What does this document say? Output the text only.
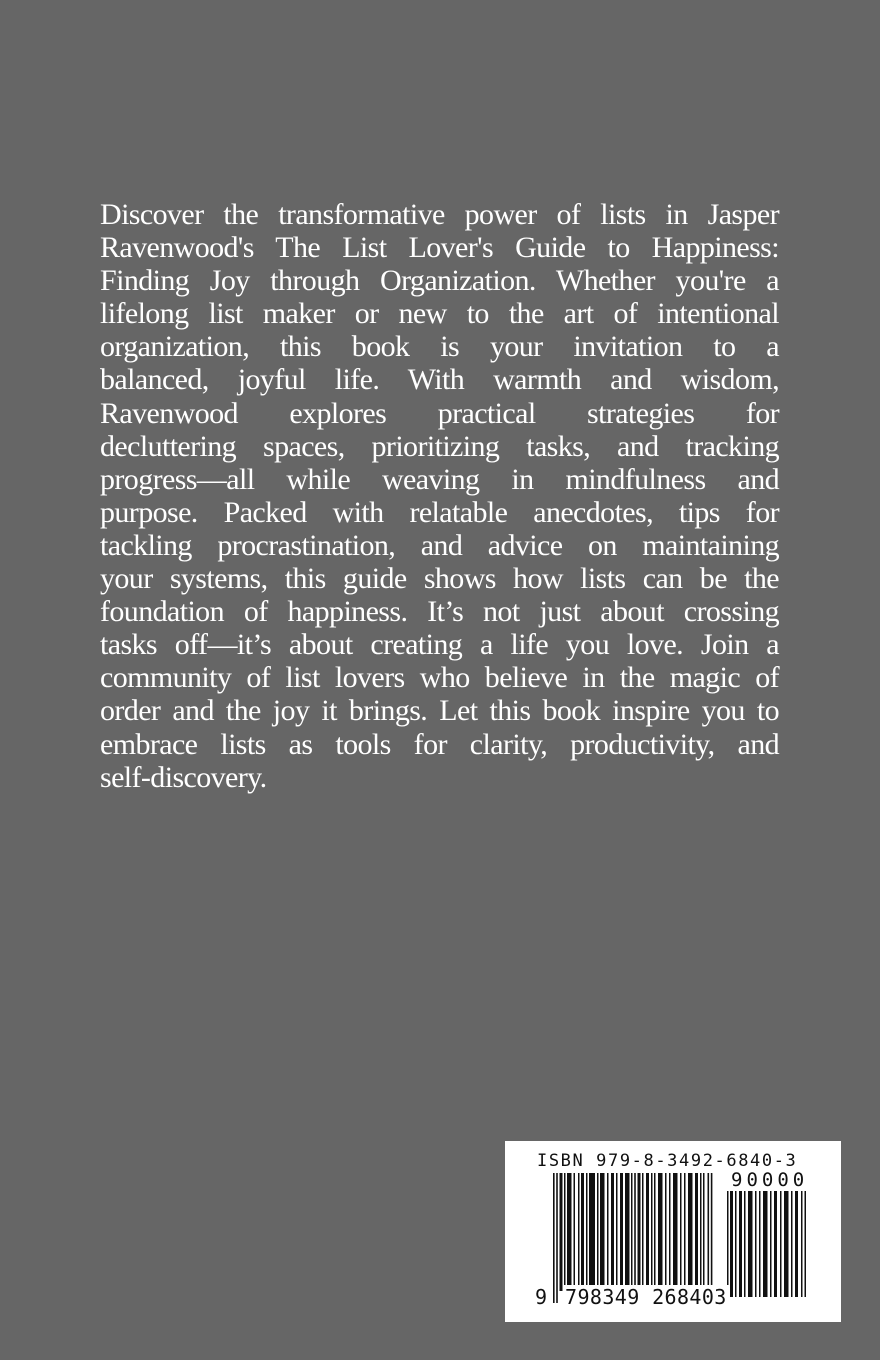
Discover the transformative power of lists in Jasper
Ravenwood's The List Lover's Guide to Happiness:
Finding Joy through Organization. Whether you're a
lifelong list maker or new to the art of intentional
organization, this book is your invitation to a
balanced, joyful life. With warmth and wisdom,
Ravenwood explores practical strategies for
decluttering spaces, prioritizing tasks, and tracking
progress—all while weaving in mindfulness and
purpose. Packed with relatable anecdotes, tips for
tackling procrastination, and advice on maintaining
your systems, this guide shows how lists can be the
foundation of happiness. It’s not just about crossing
tasks off—it’s about creating a life you love. Join a
community of list lovers who believe in the magic of
order and the joy it brings. Let this book inspire you to
embrace lists as tools for clarity, productivity, and
self-discovery.
ISBN 979-8-3492-6840-3
90000
9 798349 268403
